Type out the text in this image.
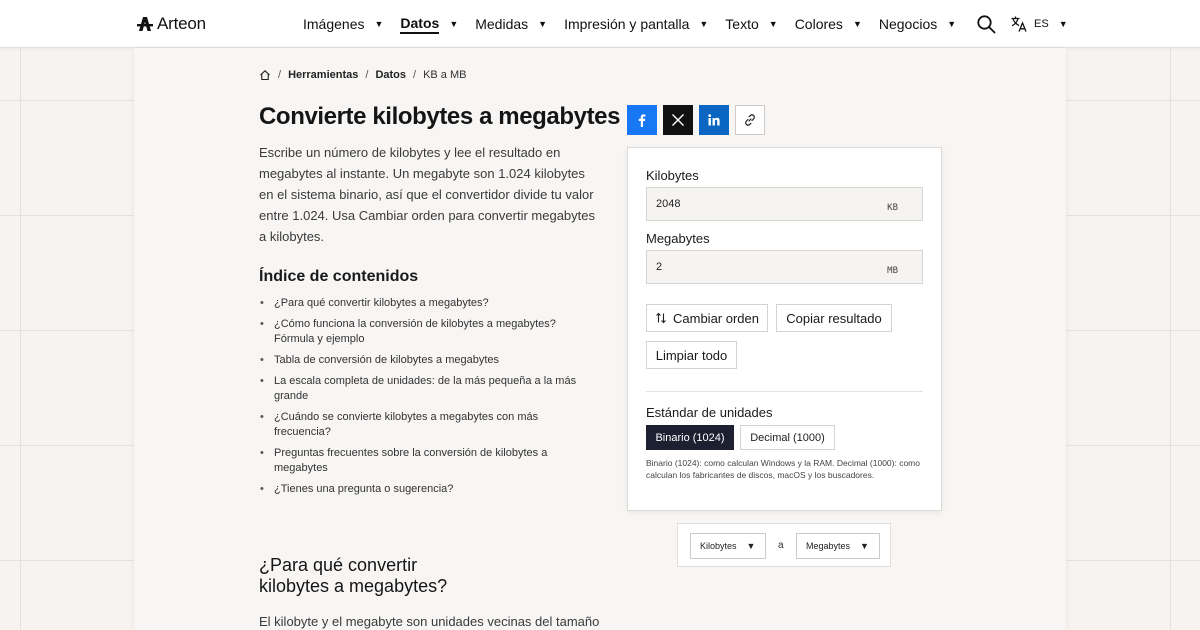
Arteon	Imágenes ▼ Datos ▼ Medidas ▼ Impresión y pantalla ▼ Texto ▼ Colores ▼ Negocios ▼	ES ▼
/ Herramientas / Datos / KB a MB
Convierte kilobytes a megabytes

Escribe un número de kilobytes y lee el resultado en megabytes al instante. Un megabyte son 1.024 kilobytes en el sistema binario, así que el convertidor divide tu valor entre 1.024. Usa Cambiar orden para convertir megabytes a kilobytes.

Índice de contenidos
• ¿Para qué convertir kilobytes a megabytes?
• ¿Cómo funciona la conversión de kilobytes a megabytes? Fórmula y ejemplo
• Tabla de conversión de kilobytes a megabytes
• La escala completa de unidades: de la más pequeña a la más grande
• ¿Cuándo se convierte kilobytes a megabytes con más frecuencia?
• Preguntas frecuentes sobre la conversión de kilobytes a megabytes
• ¿Tienes una pregunta o sugerencia?
¿Para qué convertir
kilobytes a megabytes?

El kilobyte y el megabyte son unidades vecinas del tamaño

Kilobytes
2048
KB
Megabytes
2
MB
Cambiar orden	Copiar resultado
Limpiar todo
Estándar de unidades
Binario (1024)	Decimal (1000)

Binario (1024): como calculan Windows y la RAM. Decimal (1000): como calculan los fabricantes de discos, macOS y los buscadores.

Kilobytes ▼ a Megabytes ▼
